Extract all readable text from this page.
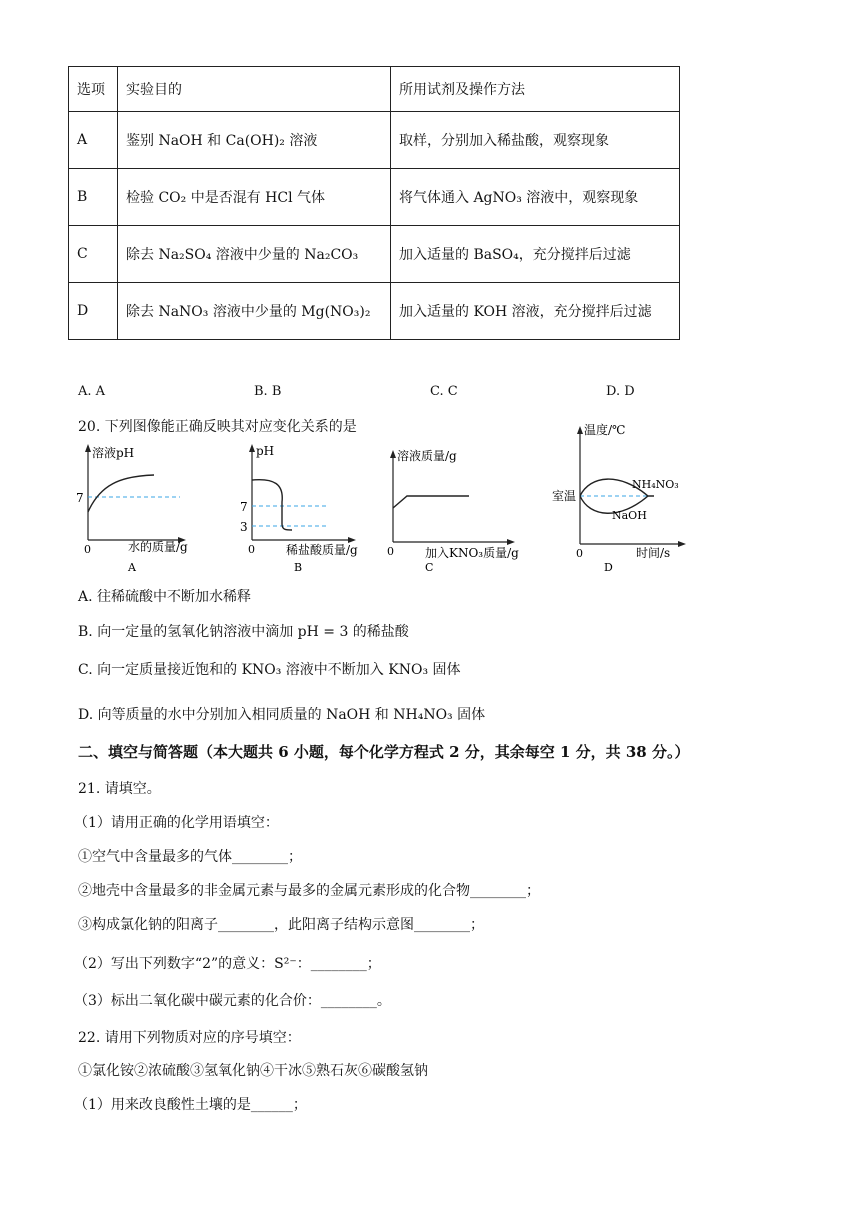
选项	实验目的	所用试剂及操作方法
A	鉴别 NaOH 和 Ca(OH)₂ 溶液	取样，分别加入稀盐酸，观察现象
B	检验 CO₂ 中是否混有 HCl 气体	将气体通入 AgNO₃ 溶液中，观察现象
C	除去 Na₂SO₄ 溶液中少量的 Na₂CO₃	加入适量的 BaSO₄，充分搅拌后过滤
D	除去 NaNO₃ 溶液中少量的 Mg(NO₃)₂	加入适量的 KOH 溶液，充分搅拌后过滤
A. A	B. B	C. C	D. D
20. 下列图像能正确反映其对应变化关系的是
溶液pH
7
0	水的质量/g
A
pH
7
3
0	稀盐酸质量/g
B
溶液质量/g
0	加入KNO₃质量/g
C
温度/℃
室温
NH₄NO₃
NaOH
0	时间/s
D
A. 往稀硫酸中不断加水稀释
B. 向一定量的氢氧化钠溶液中滴加 pH = 3 的稀盐酸
C. 向一定质量接近饱和的 KNO₃ 溶液中不断加入 KNO₃ 固体
D. 向等质量的水中分别加入相同质量的 NaOH 和 NH₄NO₃ 固体
二、填空与简答题（本大题共 6 小题，每个化学方程式 2 分，其余每空 1 分，共 38 分。）
21. 请填空。
（1）请用正确的化学用语填空：
①空气中含量最多的气体________；
②地壳中含量最多的非金属元素与最多的金属元素形成的化合物________；
③构成氯化钠的阳离子________，此阳离子结构示意图________；
（2）写出下列数字“2”的意义：S²⁻：________；
（3）标出二氧化碳中碳元素的化合价：________。
22. 请用下列物质对应的序号填空：
①氯化铵②浓硫酸③氢氧化钠④干冰⑤熟石灰⑥碳酸氢钠
（1）用来改良酸性土壤的是______；
